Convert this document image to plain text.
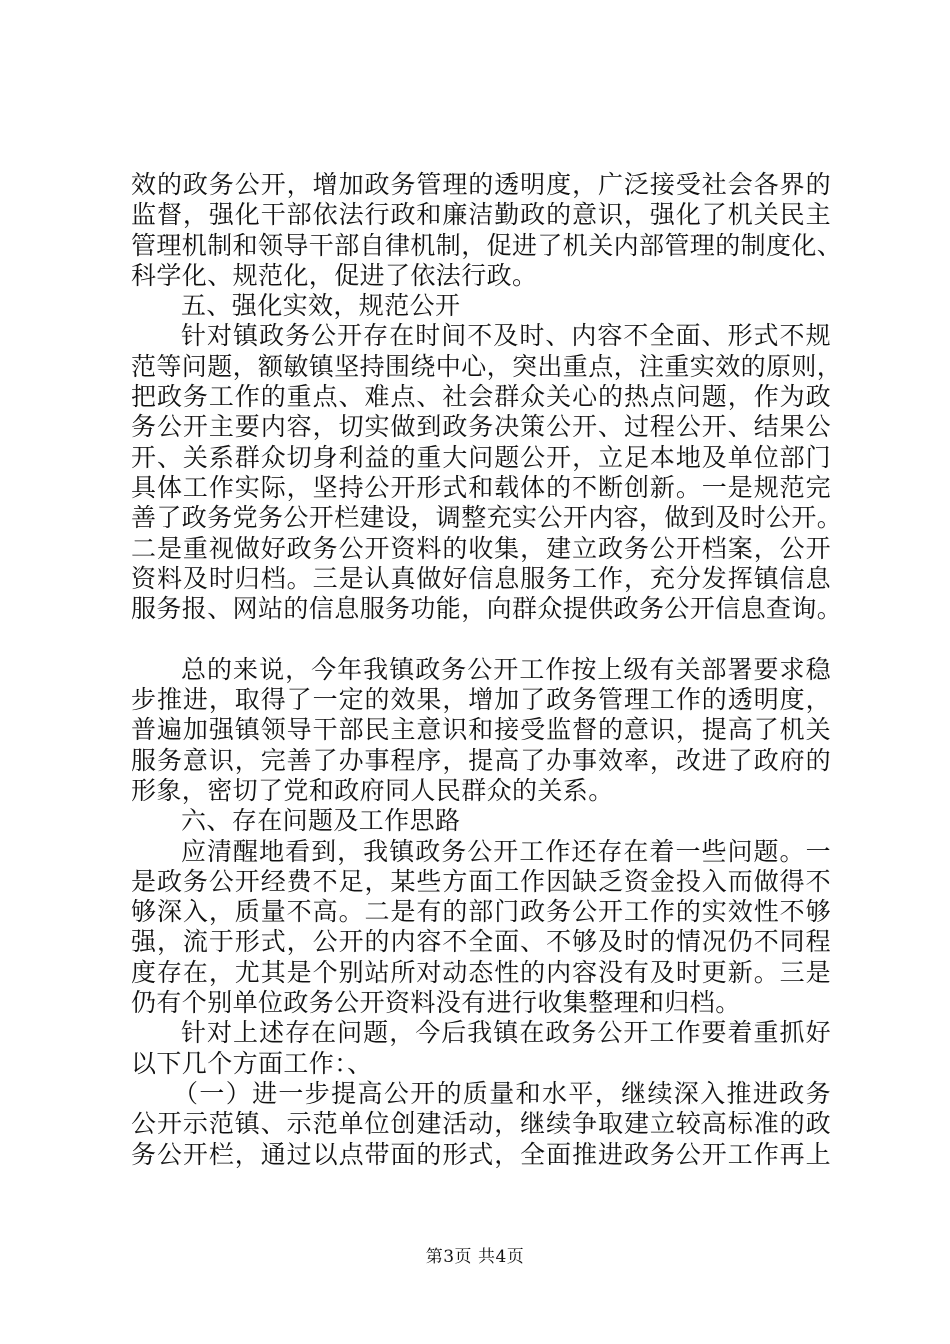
效的政务公开，增加政务管理的透明度，广泛接受社会各界的
监督，强化干部依法行政和廉洁勤政的意识，强化了机关民主
管理机制和领导干部自律机制，促进了机关内部管理的制度化、
科学化、规范化，促进了依法行政。
五、强化实效，规范公开
针对镇政务公开存在时间不及时、内容不全面、形式不规
范等问题，额敏镇坚持围绕中心，突出重点，注重实效的原则，
把政务工作的重点、难点、社会群众关心的热点问题，作为政
务公开主要内容，切实做到政务决策公开、过程公开、结果公
开、关系群众切身利益的重大问题公开，立足本地及单位部门
具体工作实际，坚持公开形式和载体的不断创新。一是规范完
善了政务党务公开栏建设，调整充实公开内容，做到及时公开。
二是重视做好政务公开资料的收集，建立政务公开档案，公开
资料及时归档。三是认真做好信息服务工作，充分发挥镇信息
服务报、网站的信息服务功能，向群众提供政务公开信息查询。
总的来说，今年我镇政务公开工作按上级有关部署要求稳
步推进，取得了一定的效果，增加了政务管理工作的透明度，
普遍加强镇领导干部民主意识和接受监督的意识，提高了机关
服务意识，完善了办事程序，提高了办事效率，改进了政府的
形象，密切了党和政府同人民群众的关系。
六、存在问题及工作思路
应清醒地看到，我镇政务公开工作还存在着一些问题。一
是政务公开经费不足，某些方面工作因缺乏资金投入而做得不
够深入，质量不高。二是有的部门政务公开工作的实效性不够
强，流于形式，公开的内容不全面、不够及时的情况仍不同程
度存在，尤其是个别站所对动态性的内容没有及时更新。三是
仍有个别单位政务公开资料没有进行收集整理和归档。
针对上述存在问题，今后我镇在政务公开工作要着重抓好
以下几个方面工作：、
（一）进一步提高公开的质量和水平，继续深入推进政务
公开示范镇、示范单位创建活动，继续争取建立较高标准的政
务公开栏，通过以点带面的形式，全面推进政务公开工作再上
第3页 共4页
